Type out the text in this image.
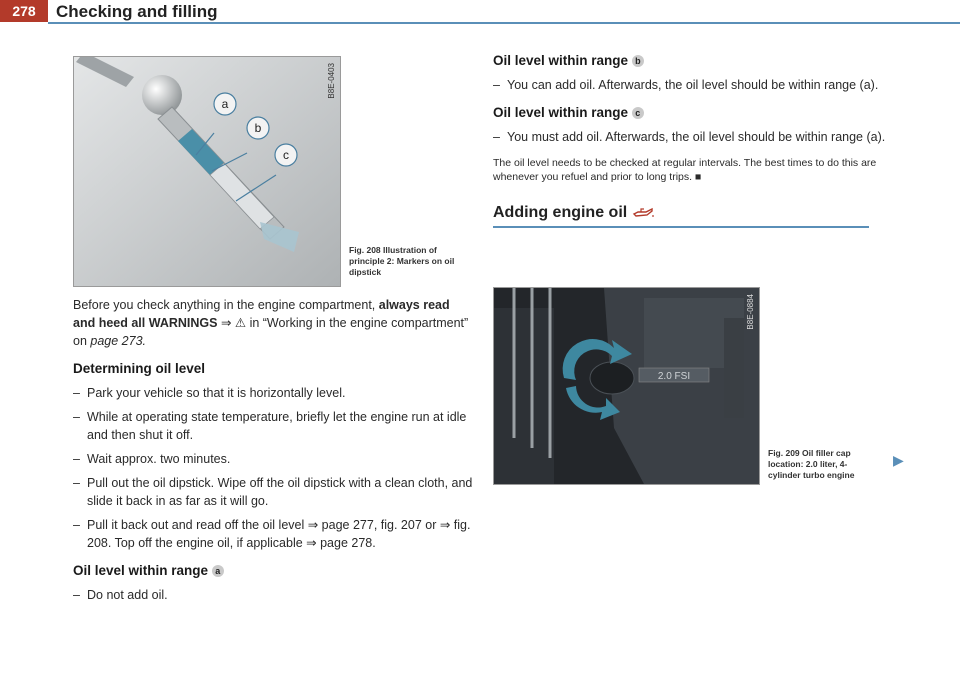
278	Checking and filling
a
b
c
B8E-0403
Fig. 208 Illustration of principle 2: Markers on oil dipstick

Before you check anything in the engine compartment, always read and heed all WARNINGS ⇒ ⚠ in “Working in the engine compartment” on page 273.

Determining oil level
– Park your vehicle so that it is horizontally level.
– While at operating state temperature, briefly let the engine run at idle and then shut it off.
– Wait approx. two minutes.
– Pull out the oil dipstick. Wipe off the oil dipstick with a clean cloth, and slide it back in as far as it will go.
– Pull it back out and read off the oil level ⇒ page 277, fig. 207 or ⇒ fig. 208. Top off the engine oil, if applicable ⇒ page 278.
Oil level within range a
– Do not add oil.
Oil level within range b
– You can add oil. Afterwards, the oil level should be within range (a).
Oil level within range c
– You must add oil. Afterwards, the oil level should be within range (a).

The oil level needs to be checked at regular intervals. The best times to do this are whenever you refuel and prior to long trips. ■

Adding engine oil
2.0 FSI
B8E-0884
Fig. 209 Oil filler cap location: 2.0 liter, 4-cylinder turbo engine
▶
